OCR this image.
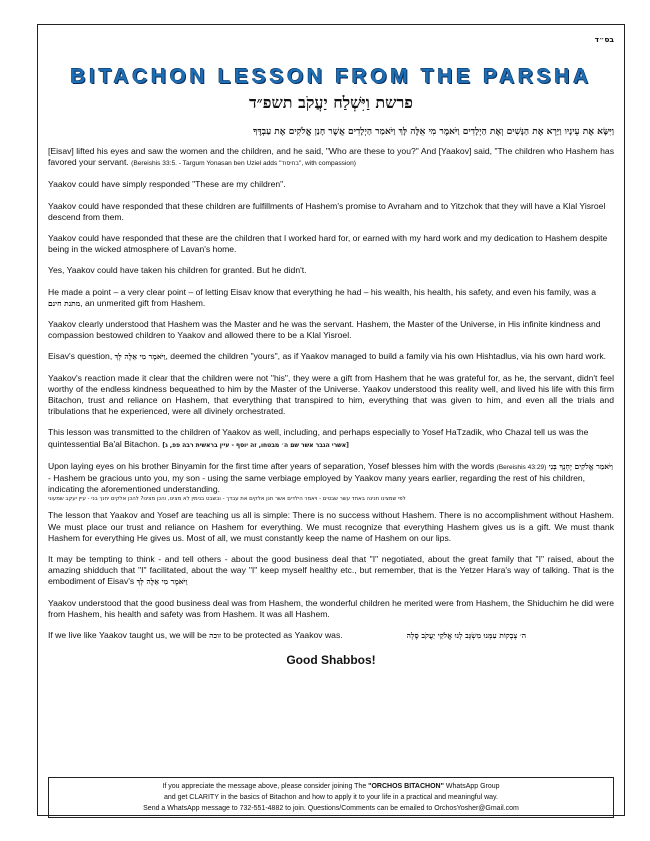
בס״ד
BITACHON LESSON FROM THE PARSHA
פרשת וַיִּשְׁלַח יַעֲקֹב תשפ״ד
וַיִּשָּׂא אֶת עֵינָיו וַיַּרְא אֶת הַנָּשִׁים וְאֶת הַיְלָדִים וַיֹּאמֶר מִי אֵלֶּה לָּךְ וַיֹּאמַר הַיְלָדִים אֲשֶׁר חָנַן אֱלֹקִים אֶת עַבְדֶּךָ

[Eisav] lifted his eyes and saw the women and the children, and he said, "Who are these to you?" And [Yaakov] said, "The children who Hashem has favored your servant. (Bereishis 33:5. - Targum Yonasan ben Uziel adds "בחיסוד", with compassion)

Yaakov could have simply responded "These are my children".

Yaakov could have responded that these children are fulfillments of Hashem's promise to Avraham and to Yitzchok that they will have a Klal Yisroel descend from them.

Yaakov could have responded that these are the children that I worked hard for, or earned with my hard work and my dedication to Hashem despite being in the wicked atmosphere of Lavan's home.

Yes, Yaakov could have taken his children for granted. But he didn't.

He made a point – a very clear point – of letting Eisav know that everything he had – his wealth, his health, his safety, and even his family, was a מתנת חינם, an unmerited gift from Hashem.

Yaakov clearly understood that Hashem was the Master and he was the servant. Hashem, the Master of the Universe, in His infinite kindness and compassion bestowed children to Yaakov and allowed there to be a Klal Yisroel.

Eisav's question, וַיֹּאמֶר מִי אֵלֶּה לָּךְ, deemed the children "yours", as if Yaakov managed to build a family via his own Hishtadlus, via his own hard work.

Yaakov's reaction made it clear that the children were not "his", they were a gift from Hashem that he was grateful for, as he, the servant, didn't feel worthy of the endless kindness bequeathed to him by the Master of the Universe. Yaakov understood this reality well, and lived his life with this firm Bitachon, trust and reliance on Hashem, that everything that transpired to him, everything that was given to him, and even all the trials and tribulations that he experienced, were all divinely orchestrated.

This lesson was transmitted to the children of Yaakov as well, including, and perhaps especially to Yosef HaTzadik, who Chazal tell us was the quintessential Ba'al Bitachon. [אשרי הגבר אשר שם ה׳ מבטחו, זה יוסף - עיין בראשית רבה פפ, ג]

Upon laying eyes on his brother Binyamin for the first time after years of separation, Yosef blesses him with the words (Bereishis 43:29) וַיֹּאמַר אֱלֹקִים יָחְנְךָ בְּנִי - Hashem be gracious unto you, my son - using the same verbiage employed by Yaakov many years earlier, regarding the rest of his children, indicating the aforementioned understanding.

לפי שמצינו חנינה באחד עשר שבטים - ויאמר הילדים אשר חנן אלקים את עבדך - ובשבט בנימין לא מצינו, והכן מצינו? להכן אלקים יחנך בני - עיין יעקב שמעוני

The lesson that Yaakov and Yosef are teaching us all is simple: There is no success without Hashem. There is no accomplishment without Hashem. We must place our trust and reliance on Hashem for everything. We must recognize that everything Hashem gives us is a gift. We must thank Hashem for everything He gives us. Most of all, we must constantly keep the name of Hashem on our lips.

It may be tempting to think - and tell others - about the good business deal that "I" negotiated, about the great family that "I" raised, about the amazing shidduch that "I" facilitated, about the way "I" keep myself healthy etc., but remember, that is the Yetzer Hara's way of talking. That is the embodiment of Eisav's וַיֹּאמֶר מִי אֵלֶּה לָּךְ

Yaakov understood that the good business deal was from Hashem, the wonderful children he merited were from Hashem, the Shiduchim he did were from Hashem, his health and safety was from Hashem. It was all Hashem.

If we live like Yaakov taught us, we will be זוכה to be protected as Yaakov was.	ה׳ צְבָקוֹת עִמָּנוּ מִשְׂגָּב לָנוּ אֱלֹקֵי יַעֲקֹב סֶלָה

Good Shabbos!
If you appreciate the message above, please consider joining The "ORCHOS BITACHON" WhatsApp Group
and get CLARITY in the basics of Bitachon and how to apply it to your life in a practical and meaningful way.
Send a WhatsApp message to 732-551-4882 to join. Questions/Comments can be emailed to OrchosYosher@Gmail.com
